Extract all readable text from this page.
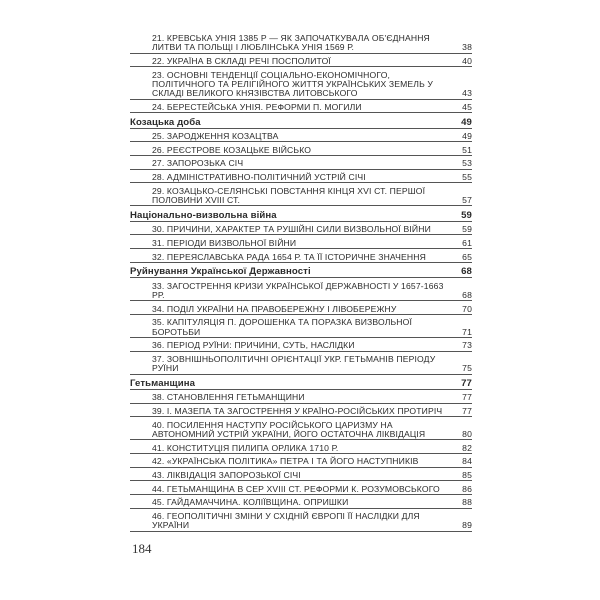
21. КРЕВСЬКА УНІЯ 1385 Р — ЯК ЗАПОЧАТКУВАЛА ОБ'ЄДНАННЯ ЛИТВИ ТА ПОЛЬЩІ І ЛЮБЛІНСЬКА УНІЯ 1569 Р.	38
22. УКРАЇНА В СКЛАДІ РЕЧІ ПОСПОЛИТОЇ	40
23. ОСНОВНІ ТЕНДЕНЦІЇ СОЦІАЛЬНО-ЕКОНОМІЧНОГО, ПОЛІТИЧНОГО ТА РЕЛІГІЙНОГО ЖИТТЯ УКРАЇНСЬКИХ ЗЕМЕЛЬ У СКЛАДІ ВЕЛИКОГО КНЯЗІВСТВА ЛИТОВСЬКОГО	43
24. БЕРЕСТЕЙСЬКА УНІЯ. РЕФОРМИ П. МОГИЛИ	45
Козацька доба	49
25. ЗАРОДЖЕННЯ КОЗАЦТВА	49
26. РЕЄСТРОВЕ КОЗАЦЬКЕ ВІЙСЬКО	51
27. ЗАПОРОЗЬКА СІЧ	53
28. АДМІНІСТРАТИВНО-ПОЛІТИЧНИЙ УСТРІЙ СІЧІ	55
29. КОЗАЦЬКО-СЕЛЯНСЬКІ ПОВСТАННЯ КІНЦЯ XVI СТ. ПЕРШОЇ ПОЛОВИНИ XVIII СТ.	57
Національно-визвольна війна	59
30. ПРИЧИНИ, ХАРАКТЕР ТА РУШІЙНІ СИЛИ ВИЗВОЛЬНОЇ ВІЙНИ	59
31. ПЕРІОДИ ВИЗВОЛЬНОЇ ВІЙНИ	61
32. ПЕРЕЯСЛАВСЬКА РАДА 1654 Р. ТА ЇЇ ІСТОРИЧНЕ ЗНАЧЕННЯ	65
Руйнування Української Державності	68
33. ЗАГОСТРЕННЯ КРИЗИ УКРАЇНСЬКОЇ ДЕРЖАВНОСТІ У 1657-1663 РР.	68
34. ПОДІЛ УКРАЇНИ НА ПРАВОБЕРЕЖНУ І ЛІВОБЕРЕЖНУ	70
35. КАПІТУЛЯЦІЯ П. ДОРОШЕНКА ТА ПОРАЗКА ВИЗВОЛЬНОЇ БОРОТЬБИ	71
36. ПЕРІОД РУЇНИ: ПРИЧИНИ, СУТЬ, НАСЛІДКИ	73
37. ЗОВНІШНЬОПОЛІТИЧНІ ОРІЄНТАЦІЇ УКР. ГЕТЬМАНІВ ПЕРІОДУ РУЇНИ	75
Гетьманщина	77
38. СТАНОВЛЕННЯ ГЕТЬМАНЩИНИ	77
39. І. МАЗЕПА ТА ЗАГОСТРЕННЯ У КРАЇНО-РОСІЙСЬКИХ ПРОТИРІЧ	77
40. ПОСИЛЕННЯ НАСТУПУ РОСІЙСЬКОГО ЦАРИЗМУ НА АВТОНОМНИЙ УСТРІЙ УКРАЇНИ, ЙОГО ОСТАТОЧНА ЛІКВІДАЦІЯ	80
41. КОНСТИТУЦІЯ ПИЛИПА ОРЛИКА 1710 Р.	82
42. «УКРАЇНСЬКА ПОЛІТИКА» ПЕТРА І ТА ЙОГО НАСТУПНИКІВ	84
43. ЛІКВІДАЦІЯ ЗАПОРОЗЬКОЇ СІЧІ	85
44. ГЕТЬМАНЩИНА В СЕР XVIII СТ. РЕФОРМИ К. РОЗУМОВСЬКОГО	86
45. ГАЙДАМАЧЧИНА. КОЛІЇВЩИНА. ОПРИШКИ	88
46. ГЕОПОЛІТИЧНІ ЗМІНИ У СХІДНІЙ ЄВРОПІ ЇЇ НАСЛІДКИ ДЛЯ УКРАЇНИ	89
184
